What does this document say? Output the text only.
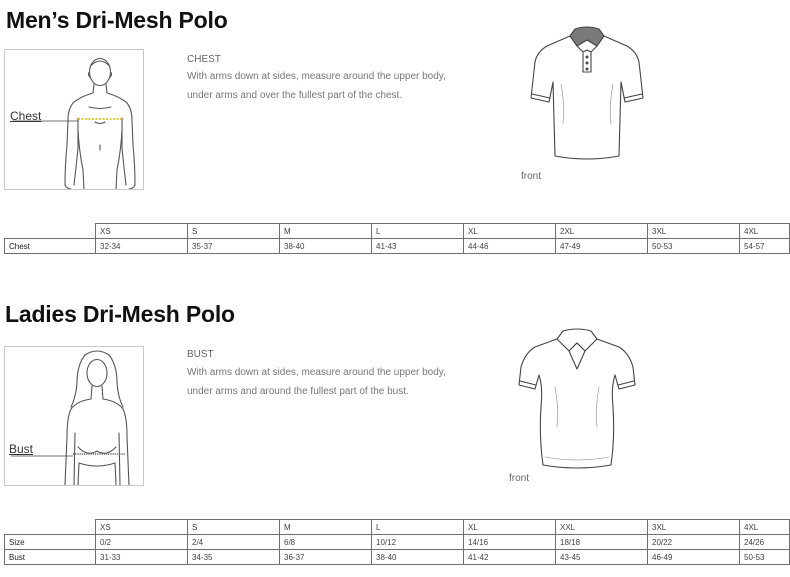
Men’s Dri-Mesh Polo
Chest
CHEST
With arms down at sides, measure around the upper body,
under arms and over the fullest part of the chest.
front
	XS	S	M	L	XL	2XL	3XL	4XL
Chest	32-34	35-37	38-40	41-43	44-46	47-49	50-53	54-57
Ladies Dri-Mesh Polo
Bust
BUST
With arms down at sides, measure around the upper body,
under arms and around the fullest part of the bust.
front
	XS	S	M	L	XL	XXL	3XL	4XL
Size	0/2	2/4	6/8	10/12	14/16	18/18	20/22	24/26
Bust	31-33	34-35	36-37	38-40	41-42	43-45	46-49	50-53
